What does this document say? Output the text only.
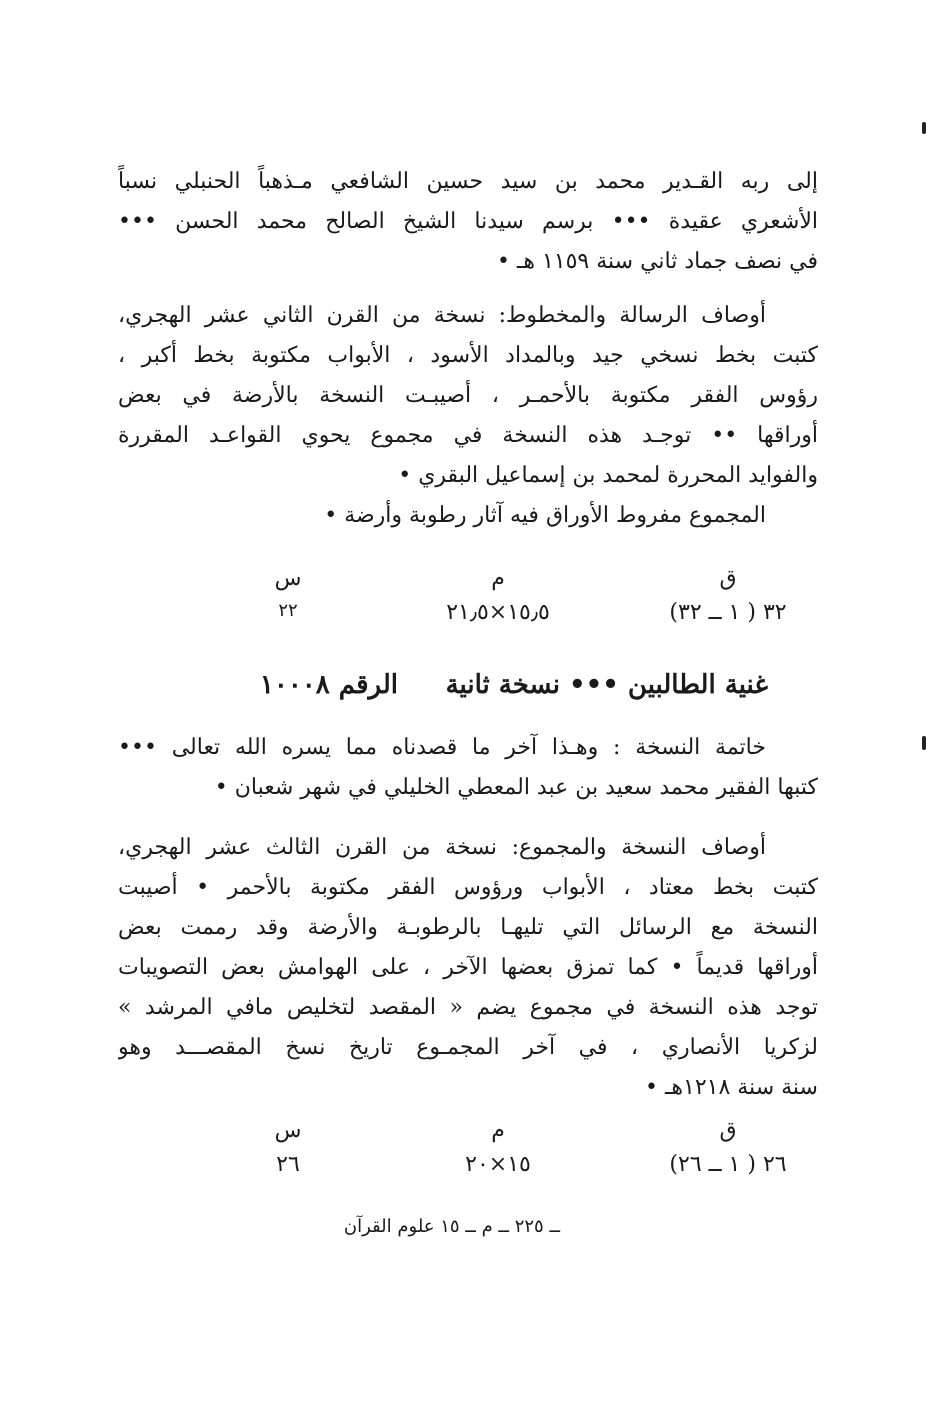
إلى ربه القـدير محمد بن سيد حسين الشافعي مـذهباً الحنبلي نسباً
الأشعري عقيدة ••• برسم سيدنا الشيخ الصالح محمد الحسن •••
في نصف جماد ثاني سنة ١١٥٩ هـ •
أوصاف الرسالة والمخطوط: نسخة من القرن الثاني عشر الهجري،
كتبت بخط نسخي جيد وبالمداد الأسود ، الأبواب مكتوبة بخط أكبر ،
رؤوس الفقر مكتوبة بالأحمـر ، أصيبـت النسخة بالأرضة في بعض
أوراقها •• توجـد هذه النسخة في مجموع يحوي القواعـد المقررة
والفوايد المحررة لمحمد بن إسماعيل البقري •
المجموع مفروط الأوراق فيه آثار رطوبة وأرضة •
ق
م
س
٣٢ ( ١ ــ ٣٢)
١٥٫٥×٢١٫٥
٢٢
غنية الطالبين ••• نسخة ثانية
الرقم ١٠٠٠٨
خاتمة النسخة : وهـذا آخر ما قصدناه مما يسره الله تعالى •••
كتبها الفقير محمد سعيد بن عبد المعطي الخليلي في شهر شعبان •
أوصاف النسخة والمجموع: نسخة من القرن الثالث عشر الهجري،
كتبت بخط معتاد ، الأبواب ورؤوس الفقر مكتوبة بالأحمر • أصيبت
النسخة مع الرسائل التي تليهـا بالرطوبـة والأرضة وقد رممت بعض
أوراقها قديماً • كما تمزق بعضها الآخر ، على الهوامش بعض التصويبات
توجد هذه النسخة في مجموع يضم « المقصد لتخليص مافي المرشد »
لزكريا الأنصاري ، في آخر المجمـوع تاريخ نسخ المقصـــد وهو
سنة سنة ١٢١٨هـ •
ق
م
س
٢٦ ( ١ ــ ٢٦)
١٥×٢٠
٢٦
ــ ٢٢٥ ــ م ــ ١٥ علوم القرآن
